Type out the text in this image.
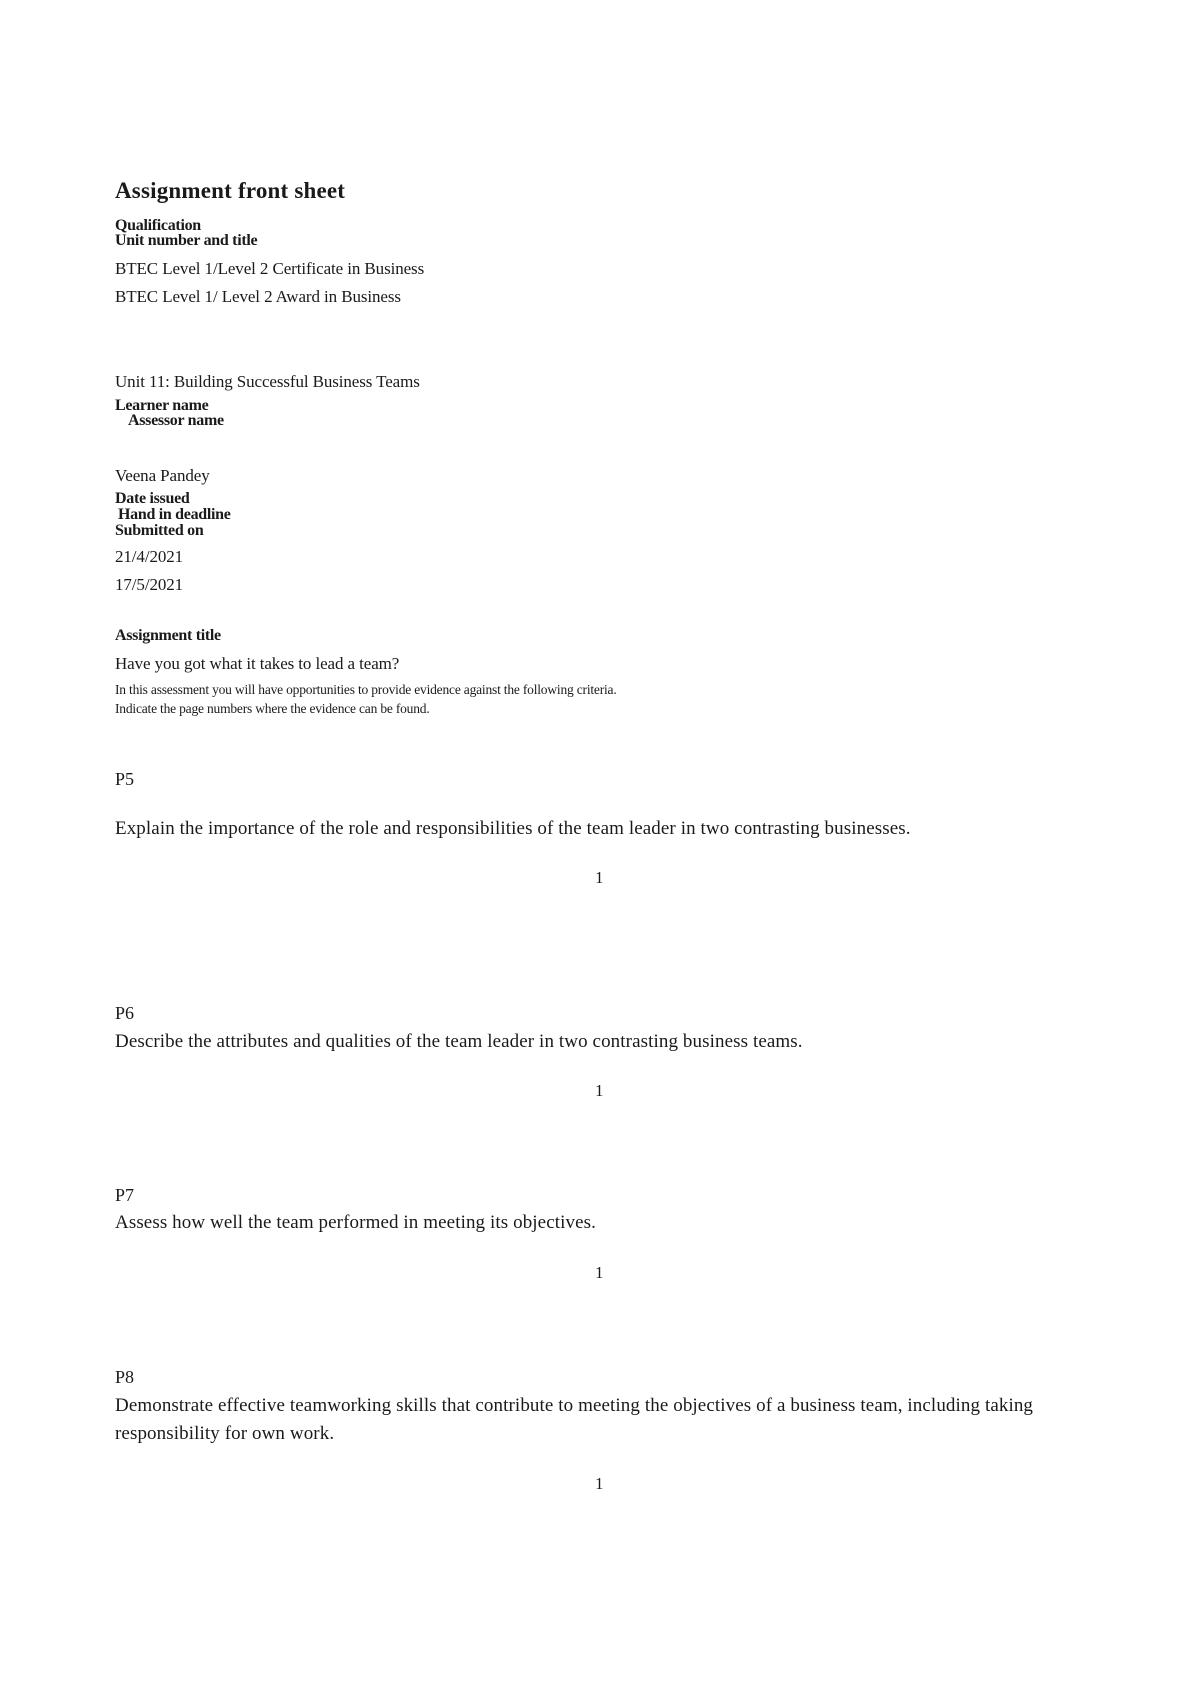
Assignment front sheet
Qualification
Unit number and title
BTEC Level 1/Level 2 Certificate in Business
BTEC Level 1/ Level 2 Award in Business
Unit 11: Building Successful Business Teams
Learner name
Assessor name
Veena Pandey
Date issued
Hand in deadline
Submitted on
21/4/2021
17/5/2021
Assignment title
Have you got what it takes to lead a team?
In this assessment you will have opportunities to provide evidence against the following criteria.
Indicate the page numbers where the evidence can be found.
P5
Explain the importance of the role and responsibilities of the team leader in two contrasting businesses.
1
P6
Describe the attributes and qualities of the team leader in two contrasting business teams.
1
P7
Assess how well the team performed in meeting its objectives.
1
P8
Demonstrate effective teamworking skills that contribute to meeting the objectives of a business team, including taking responsibility for own work.
1
